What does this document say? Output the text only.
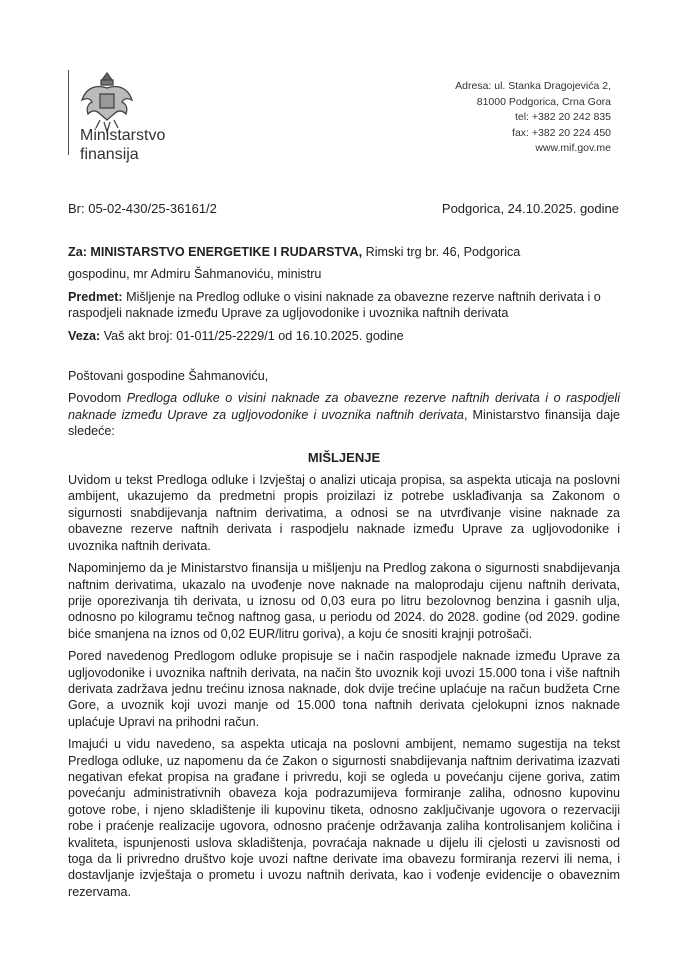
Ministarstvo
finansija
Adresa: ul. Stanka Dragojevića 2,
81000 Podgorica, Crna Gora
tel: +382 20 242 835
fax: +382 20 224 450
www.mif.gov.me
Br: 05-02-430/25-36161/2	Podgorica, 24.10.2025. godine

Za: MINISTARSTVO ENERGETIKE I RUDARSTVA, Rimski trg br. 46, Podgorica

gospodinu, mr Admiru Šahmanoviću, ministru

Predmet: Mišljenje na Predlog odluke o visini naknade za obavezne rezerve naftnih derivata i o raspodjeli naknade između Uprave za ugljovodonike i uvoznika naftnih derivata

Veza: Vaš akt broj: 01-011/25-2229/1 od 16.10.2025. godine

Poštovani gospodine Šahmanoviću,

Povodom Predloga odluke o visini naknade za obavezne rezerve naftnih derivata i o raspodjeli naknade između Uprave za ugljovodonike i uvoznika naftnih derivata, Ministarstvo finansija daje sledeće:

MIŠLJENJE

Uvidom u tekst Predloga odluke i Izvještaj o analizi uticaja propisa, sa aspekta uticaja na poslovni ambijent, ukazujemo da predmetni propis proizilazi iz potrebe usklađivanja sa Zakonom o sigurnosti snabdijevanja naftnim derivatima, a odnosi se na utvrđivanje visine naknade za obavezne rezerve naftnih derivata i raspodjelu naknade između Uprave za ugljovodonike i uvoznika naftnih derivata.

Napominjemo da je Ministarstvo finansija u mišljenju na Predlog zakona o sigurnosti snabdijevanja naftnim derivatima, ukazalo na uvođenje nove naknade na maloprodaju cijenu naftnih derivata, prije oporezivanja tih derivata, u iznosu od 0,03 eura po litru bezolovnog benzina i gasnih ulja, odnosno po kilogramu tečnog naftnog gasa, u periodu od 2024. do 2028. godine (od 2029. godine biće smanjena na iznos od 0,02 EUR/litru goriva), a koju će snositi krajnji potrošači.

Pored navedenog Predlogom odluke propisuje se i način raspodjele naknade između Uprave za ugljovodonike i uvoznika naftnih derivata, na način što uvoznik koji uvozi 15.000 tona i više naftnih derivata zadržava jednu trećinu iznosa naknade, dok dvije trećine uplaćuje na račun budžeta Crne Gore, a uvoznik koji uvozi manje od 15.000 tona naftnih derivata cjelokupni iznos naknade uplaćuje Upravi na prihodni račun.

Imajući u vidu navedeno, sa aspekta uticaja na poslovni ambijent, nemamo sugestija na tekst Predloga odluke, uz napomenu da će Zakon o sigurnosti snabdijevanja naftnim derivatima izazvati negativan efekat propisa na građane i privredu, koji se ogleda u povećanju cijene goriva, zatim povećanju administrativnih obaveza koja podrazumijeva formiranje zaliha, odnosno kupovinu gotove robe, i njeno skladištenje ili kupovinu tiketa, odnosno zaključivanje ugovora o rezervaciji robe i praćenje realizacije ugovora, odnosno praćenje održavanja zaliha kontrolisanjem količina i kvaliteta, ispunjenosti uslova skladištenja, povraćaja naknade u dijelu ili cjelosti u zavisnosti od toga da li privredno društvo koje uvozi naftne derivate ima obavezu formiranja rezervi ili nema, i dostavljanje izvještaja o prometu i uvozu naftnih derivata, kao i vođenje evidencije o obaveznim rezervama.
